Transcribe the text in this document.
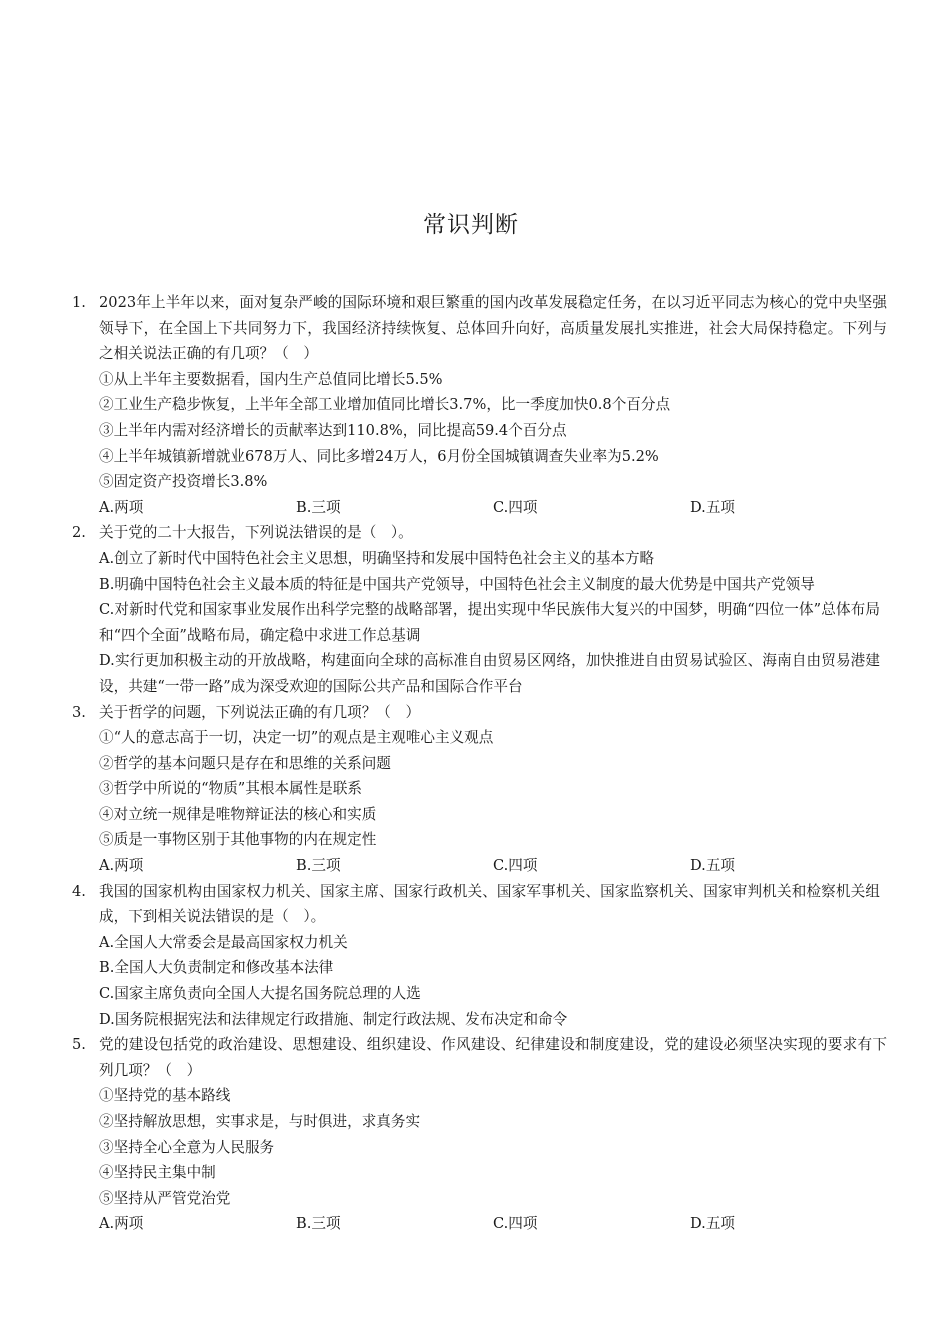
常识判断
1. 2023年上半年以来，面对复杂严峻的国际环境和艰巨繁重的国内改革发展稳定任务，在以习近平同志为核心的党中央坚强领导下，在全国上下共同努力下，我国经济持续恢复、总体回升向好，高质量发展扎实推进，社会大局保持稳定。下列与之相关说法正确的有几项？（　）
①从上半年主要数据看，国内生产总值同比增长5.5%
②工业生产稳步恢复，上半年全部工业增加值同比增长3.7%，比一季度加快0.8个百分点
③上半年内需对经济增长的贡献率达到110.8%，同比提高59.4个百分点
④上半年城镇新增就业678万人、同比多增24万人，6月份全国城镇调查失业率为5.2%
⑤固定资产投资增长3.8%
A.两项	B.三项	C.四项	D.五项
2. 关于党的二十大报告，下列说法错误的是（　）。
A.创立了新时代中国特色社会主义思想，明确坚持和发展中国特色社会主义的基本方略
B.明确中国特色社会主义最本质的特征是中国共产党领导，中国特色社会主义制度的最大优势是中国共产党领导
C.对新时代党和国家事业发展作出科学完整的战略部署，提出实现中华民族伟大复兴的中国梦，明确“四位一体”总体布局和“四个全面”战略布局，确定稳中求进工作总基调
D.实行更加积极主动的开放战略，构建面向全球的高标准自由贸易区网络，加快推进自由贸易试验区、海南自由贸易港建设，共建“一带一路”成为深受欢迎的国际公共产品和国际合作平台
3. 关于哲学的问题，下列说法正确的有几项？（　）
①“人的意志高于一切，决定一切”的观点是主观唯心主义观点
②哲学的基本问题只是存在和思维的关系问题
③哲学中所说的“物质”其根本属性是联系
④对立统一规律是唯物辩证法的核心和实质
⑤质是一事物区别于其他事物的内在规定性
A.两项	B.三项	C.四项	D.五项
4. 我国的国家机构由国家权力机关、国家主席、国家行政机关、国家军事机关、国家监察机关、国家审判机关和检察机关组成，下到相关说法错误的是（　）。
A.全国人大常委会是最高国家权力机关
B.全国人大负责制定和修改基本法律
C.国家主席负责向全国人大提名国务院总理的人选
D.国务院根据宪法和法律规定行政措施、制定行政法规、发布决定和命令
5. 党的建设包括党的政治建设、思想建设、组织建设、作风建设、纪律建设和制度建设，党的建设必须坚决实现的要求有下列几项？（　）
①坚持党的基本路线
②坚持解放思想，实事求是，与时俱进，求真务实
③坚持全心全意为人民服务
④坚持民主集中制
⑤坚持从严管党治党
A.两项	B.三项	C.四项	D.五项
